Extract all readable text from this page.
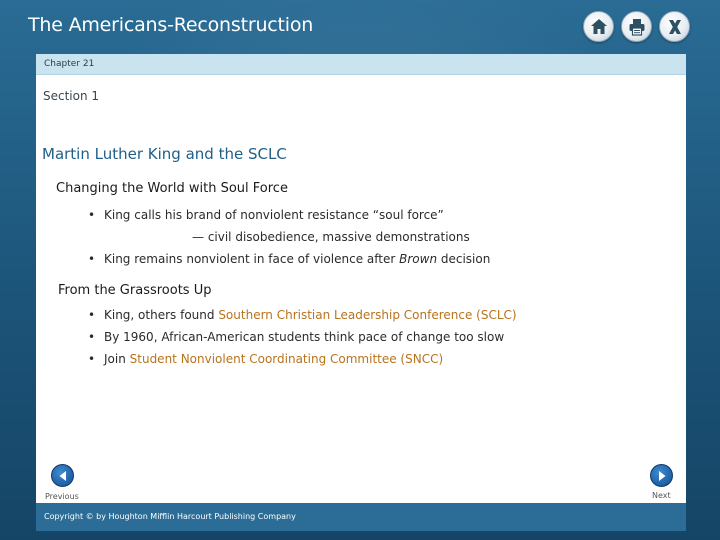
The Americans-Reconstruction
Chapter 21
Section 1
Martin Luther King and the SCLC
Changing the World with Soul Force
• King calls his brand of nonviolent resistance “soul force”
— civil disobedience, massive demonstrations
• King remains nonviolent in face of violence after Brown decision
From the Grassroots Up
• King, others found Southern Christian Leadership Conference (SCLC)
• By 1960, African-American students think pace of change too slow
• Join Student Nonviolent Coordinating Committee (SNCC)
Previous	Next
Copyright © by Houghton Mifflin Harcourt Publishing Company
